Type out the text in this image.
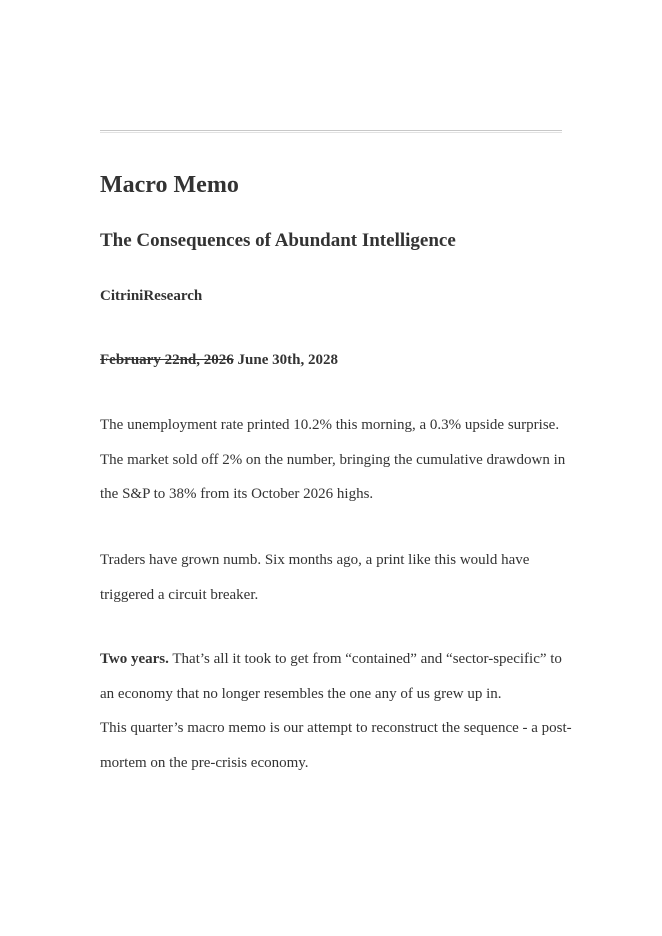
Macro Memo
The Consequences of Abundant Intelligence
CitriniResearch
February 22nd, 2026 June 30th, 2028

The unemployment rate printed 10.2% this morning, a 0.3% upside surprise. The market sold off 2% on the number, bringing the cumulative drawdown in the S&P to 38% from its October 2026 highs.

Traders have grown numb. Six months ago, a print like this would have triggered a circuit breaker.

Two years. That’s all it took to get from “contained” and “sector-specific” to an economy that no longer resembles the one any of us grew up in.

This quarter’s macro memo is our attempt to reconstruct the sequence - a post-mortem on the pre-crisis economy.
